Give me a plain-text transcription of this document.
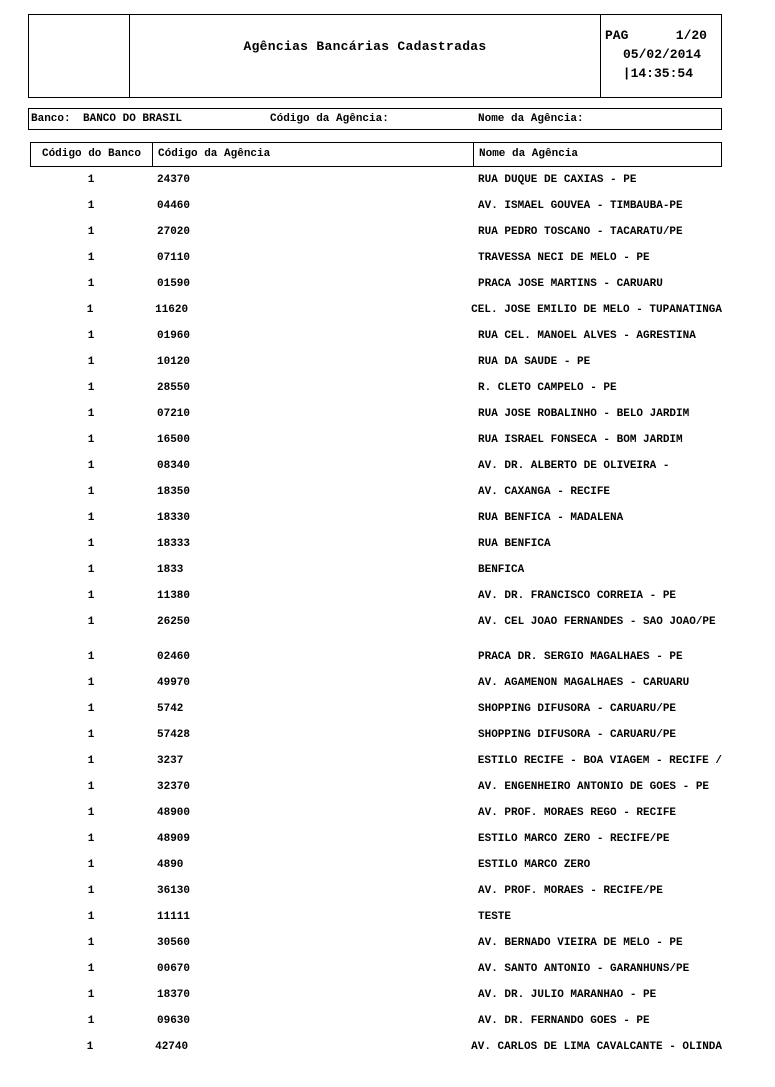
Agências Bancárias Cadastradas
PAG	1/20
05/02/2014
|14:35:54
Banco: BANCO DO BRASIL	Código da Agência:	Nome da Agência:
Código do Banco	Código da Agência	Nome da Agência
1	24370	RUA DUQUE DE CAXIAS - PE
1	04460	AV. ISMAEL GOUVEA - TIMBAUBA-PE
1	27020	RUA PEDRO TOSCANO - TACARATU/PE
1	07110	TRAVESSA NECI DE MELO - PE
1	01590	PRACA JOSE MARTINS - CARUARU
1	11620	CEL. JOSE EMILIO DE MELO - TUPANATINGA
1	01960	RUA CEL. MANOEL ALVES - AGRESTINA
1	10120	RUA DA SAUDE - PE
1	28550	R. CLETO CAMPELO - PE
1	07210	RUA JOSE ROBALINHO - BELO JARDIM
1	16500	RUA ISRAEL FONSECA - BOM JARDIM
1	08340	AV. DR. ALBERTO DE OLIVEIRA -
1	18350	AV. CAXANGA - RECIFE
1	18330	RUA BENFICA - MADALENA
1	18333	RUA BENFICA
1	1833	BENFICA
1	11380	AV. DR. FRANCISCO CORREIA - PE
1	26250	AV. CEL JOAO FERNANDES - SAO JOAO/PE
1	02460	PRACA DR. SERGIO MAGALHAES - PE
1	49970	AV. AGAMENON MAGALHAES - CARUARU
1	5742	SHOPPING DIFUSORA - CARUARU/PE
1	57428	SHOPPING DIFUSORA - CARUARU/PE
1	3237	ESTILO RECIFE - BOA VIAGEM - RECIFE /
1	32370	AV. ENGENHEIRO ANTONIO DE GOES - PE
1	48900	AV. PROF. MORAES REGO - RECIFE
1	48909	ESTILO MARCO ZERO - RECIFE/PE
1	4890	ESTILO MARCO ZERO
1	36130	AV. PROF. MORAES - RECIFE/PE
1	11111	TESTE
1	30560	AV. BERNADO VIEIRA DE MELO - PE
1	00670	AV. SANTO ANTONIO - GARANHUNS/PE
1	18370	AV. DR. JULIO MARANHAO - PE
1	09630	AV. DR. FERNANDO GOES - PE
1	42740	AV. CARLOS DE LIMA CAVALCANTE - OLINDA
